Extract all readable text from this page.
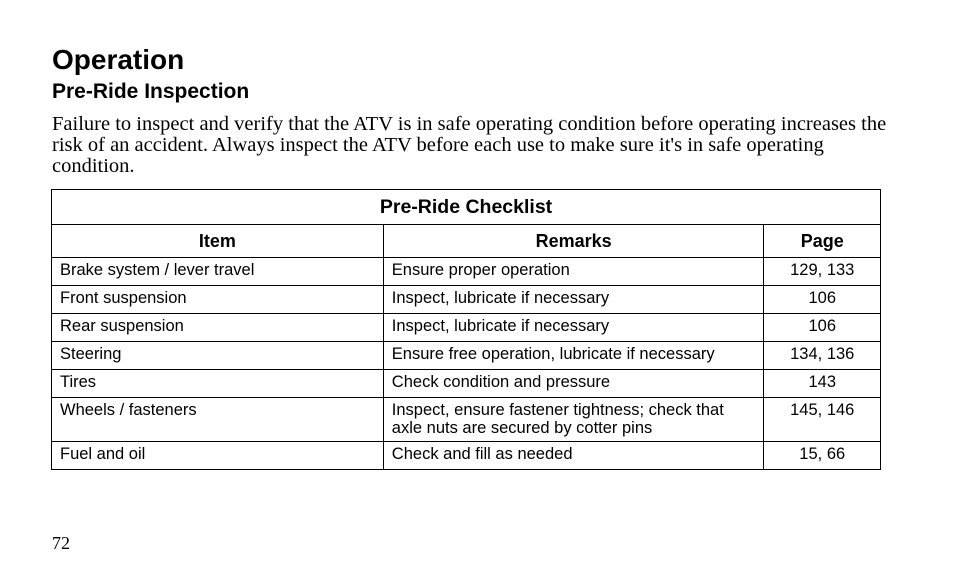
Operation
Pre-Ride Inspection

Failure to inspect and verify that the ATV is in safe operating condition before operating increases the risk of an accident. Always inspect the ATV before each use to make sure it's in safe operating condition.

Pre-Ride Checklist		
Item	Remarks	Page
Brake system / lever travel	Ensure proper operation	129, 133
Front suspension	Inspect, lubricate if necessary	106
Rear suspension	Inspect, lubricate if necessary	106
Steering	Ensure free operation, lubricate if necessary	134, 136
Tires	Check condition and pressure	143
Wheels / fasteners	Inspect, ensure fastener tightness; check that axle nuts are secured by cotter pins	145, 146
Fuel and oil	Check and fill as needed	15, 66

72
